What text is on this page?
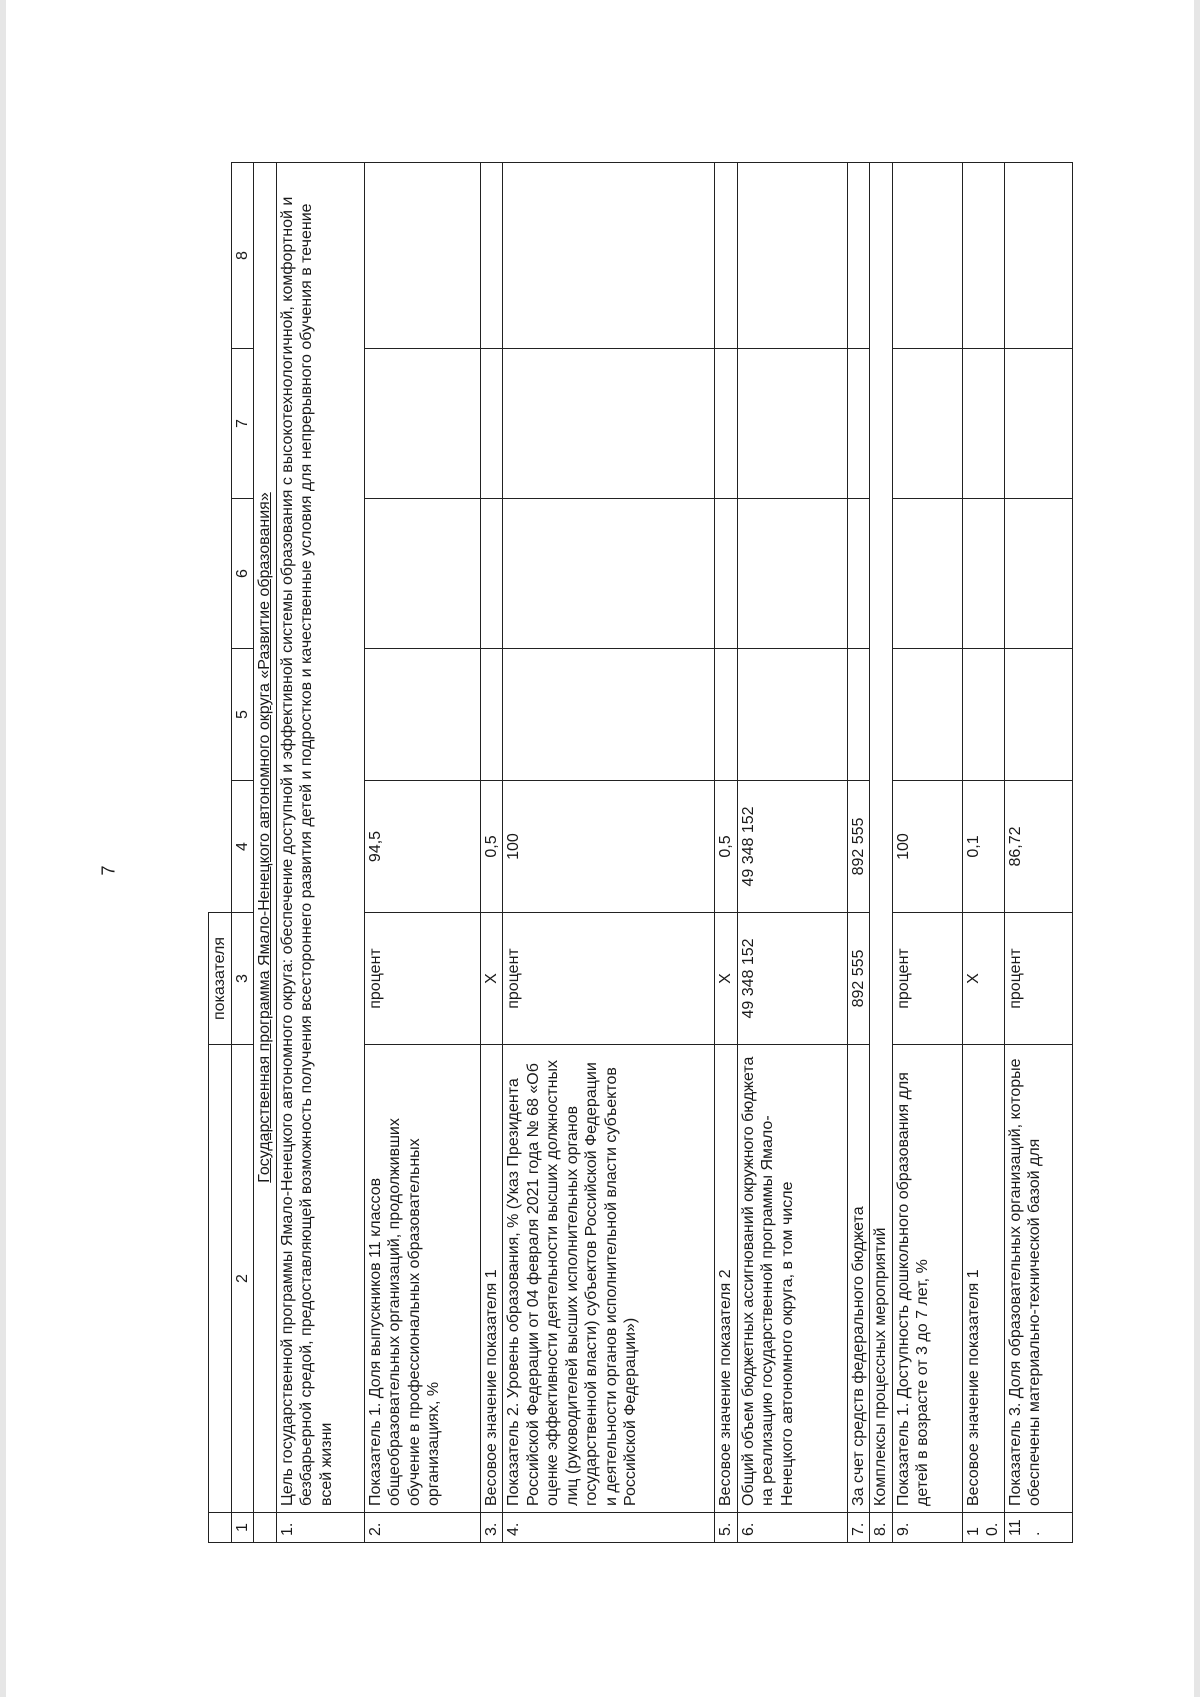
7
		показателя					
1	2	3	4	5	6	7	8
	Государственная программа Ямало-Ненецкого автономного округа «Развитие образования»						
1.	Цель государственной программы Ямало-Ненецкого автономного округа: обеспечение доступной и эффективной системы образования с высокотехнологичной, комфортной и безбарьерной средой, предоставляющей возможность получения всестороннего развития детей и подростков и качественные условия для непрерывного обучения в течение всей жизни						
2.	Показатель 1. Доля выпускников 11 классов общеобразовательных организаций, продолживших обучение в профессиональных образовательных организациях, %	процент	94,5				
3.	Весовое значение показателя 1	Х	0,5				
4.	Показатель 2. Уровень образования, % (Указ Президента Российской Федерации от 04 февраля 2021 года № 68 «Об оценке эффективности деятельности высших должностных лиц (руководителей высших исполнительных органов государственной власти) субъектов Российской Федерации и деятельности органов исполнительной власти субъектов Российской Федерации»)	процент	100				
5.	Весовое значение показателя 2	Х	0,5				
6.	Общий объем бюджетных ассигнований окружного бюджета на реализацию государственной программы Ямало-Ненецкого автономного округа, в том числе	49 348 152	49 348 152				
7.	За счет средств федерального бюджета	892 555	892 555				
8.	Комплексы процессных мероприятий						
9.	Показатель 1. Доступность дошкольного образования для детей в возрасте от 3 до 7 лет, %	процент	100				
10.	Весовое значение показателя 1	Х	0,1				
11.	Показатель 3. Доля образовательных организаций, которые обеспечены материально-технической базой для	процент	86,72				
